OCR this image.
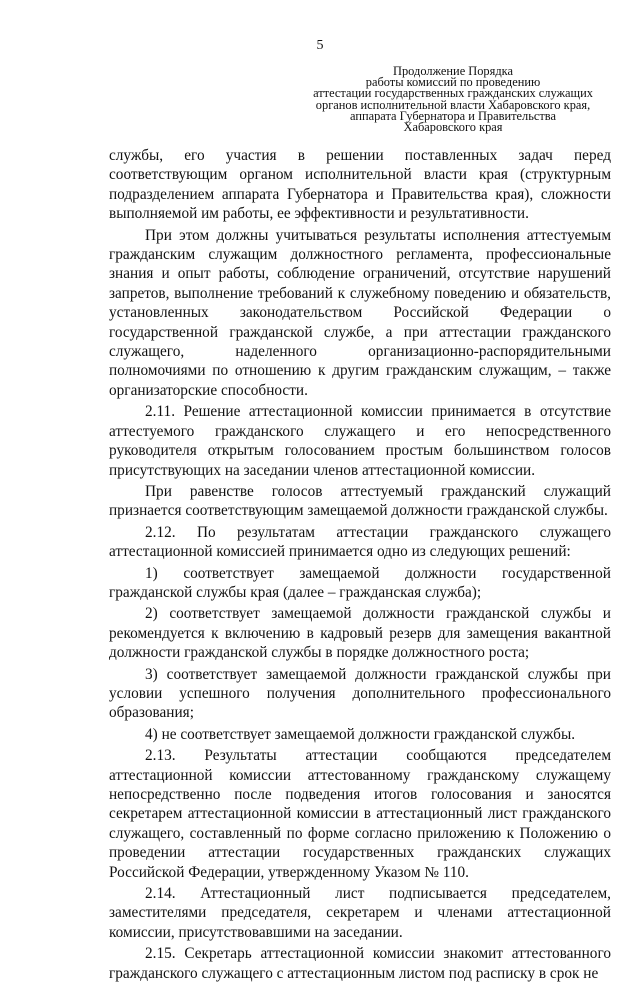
5
Продолжение Порядка
работы комиссий по проведению
аттестации государственных гражданских служащих
органов исполнительной власти Хабаровского края,
аппарата Губернатора и Правительства
Хабаровского края

службы, его участия в решении поставленных задач перед соответствующим органом исполнительной власти края (структурным подразделением аппарата Губернатора и Правительства края), сложности выполняемой им работы, ее эффективности и результативности.

При этом должны учитываться результаты исполнения аттестуемым гражданским служащим должностного регламента, профессиональные знания и опыт работы, соблюдение ограничений, отсутствие нарушений запретов, выполнение требований к служебному поведению и обязательств, установленных законодательством Российской Федерации о государственной гражданской службе, а при аттестации гражданского служащего, наделенного организационно-распорядительными полномочиями по отношению к другим гражданским служащим, – также организаторские способности.

2.11. Решение аттестационной комиссии принимается в отсутствие аттестуемого гражданского служащего и его непосредственного руководителя открытым голосованием простым большинством голосов присутствующих на заседании членов аттестационной комиссии.

При равенстве голосов аттестуемый гражданский служащий признается соответствующим замещаемой должности гражданской службы.

2.12. По результатам аттестации гражданского служащего аттестационной комиссией принимается одно из следующих решений:

1) соответствует замещаемой должности государственной гражданской службы края (далее – гражданская служба);

2) соответствует замещаемой должности гражданской службы и рекомендуется к включению в кадровый резерв для замещения вакантной должности гражданской службы в порядке должностного роста;

3) соответствует замещаемой должности гражданской службы при условии успешного получения дополнительного профессионального образования;

4) не соответствует замещаемой должности гражданской службы.

2.13. Результаты аттестации сообщаются председателем аттестационной комиссии аттестованному гражданскому служащему непосредственно после подведения итогов голосования и заносятся секретарем аттестационной комиссии в аттестационный лист гражданского служащего, составленный по форме согласно приложению к Положению о проведении аттестации государственных гражданских служащих Российской Федерации, утвержденному Указом № 110.

2.14. Аттестационный лист подписывается председателем, заместителями председателя, секретарем и членами аттестационной комиссии, присутствовавшими на заседании.

2.15. Секретарь аттестационной комиссии знакомит аттестованного гражданского служащего с аттестационным листом под расписку в срок не
